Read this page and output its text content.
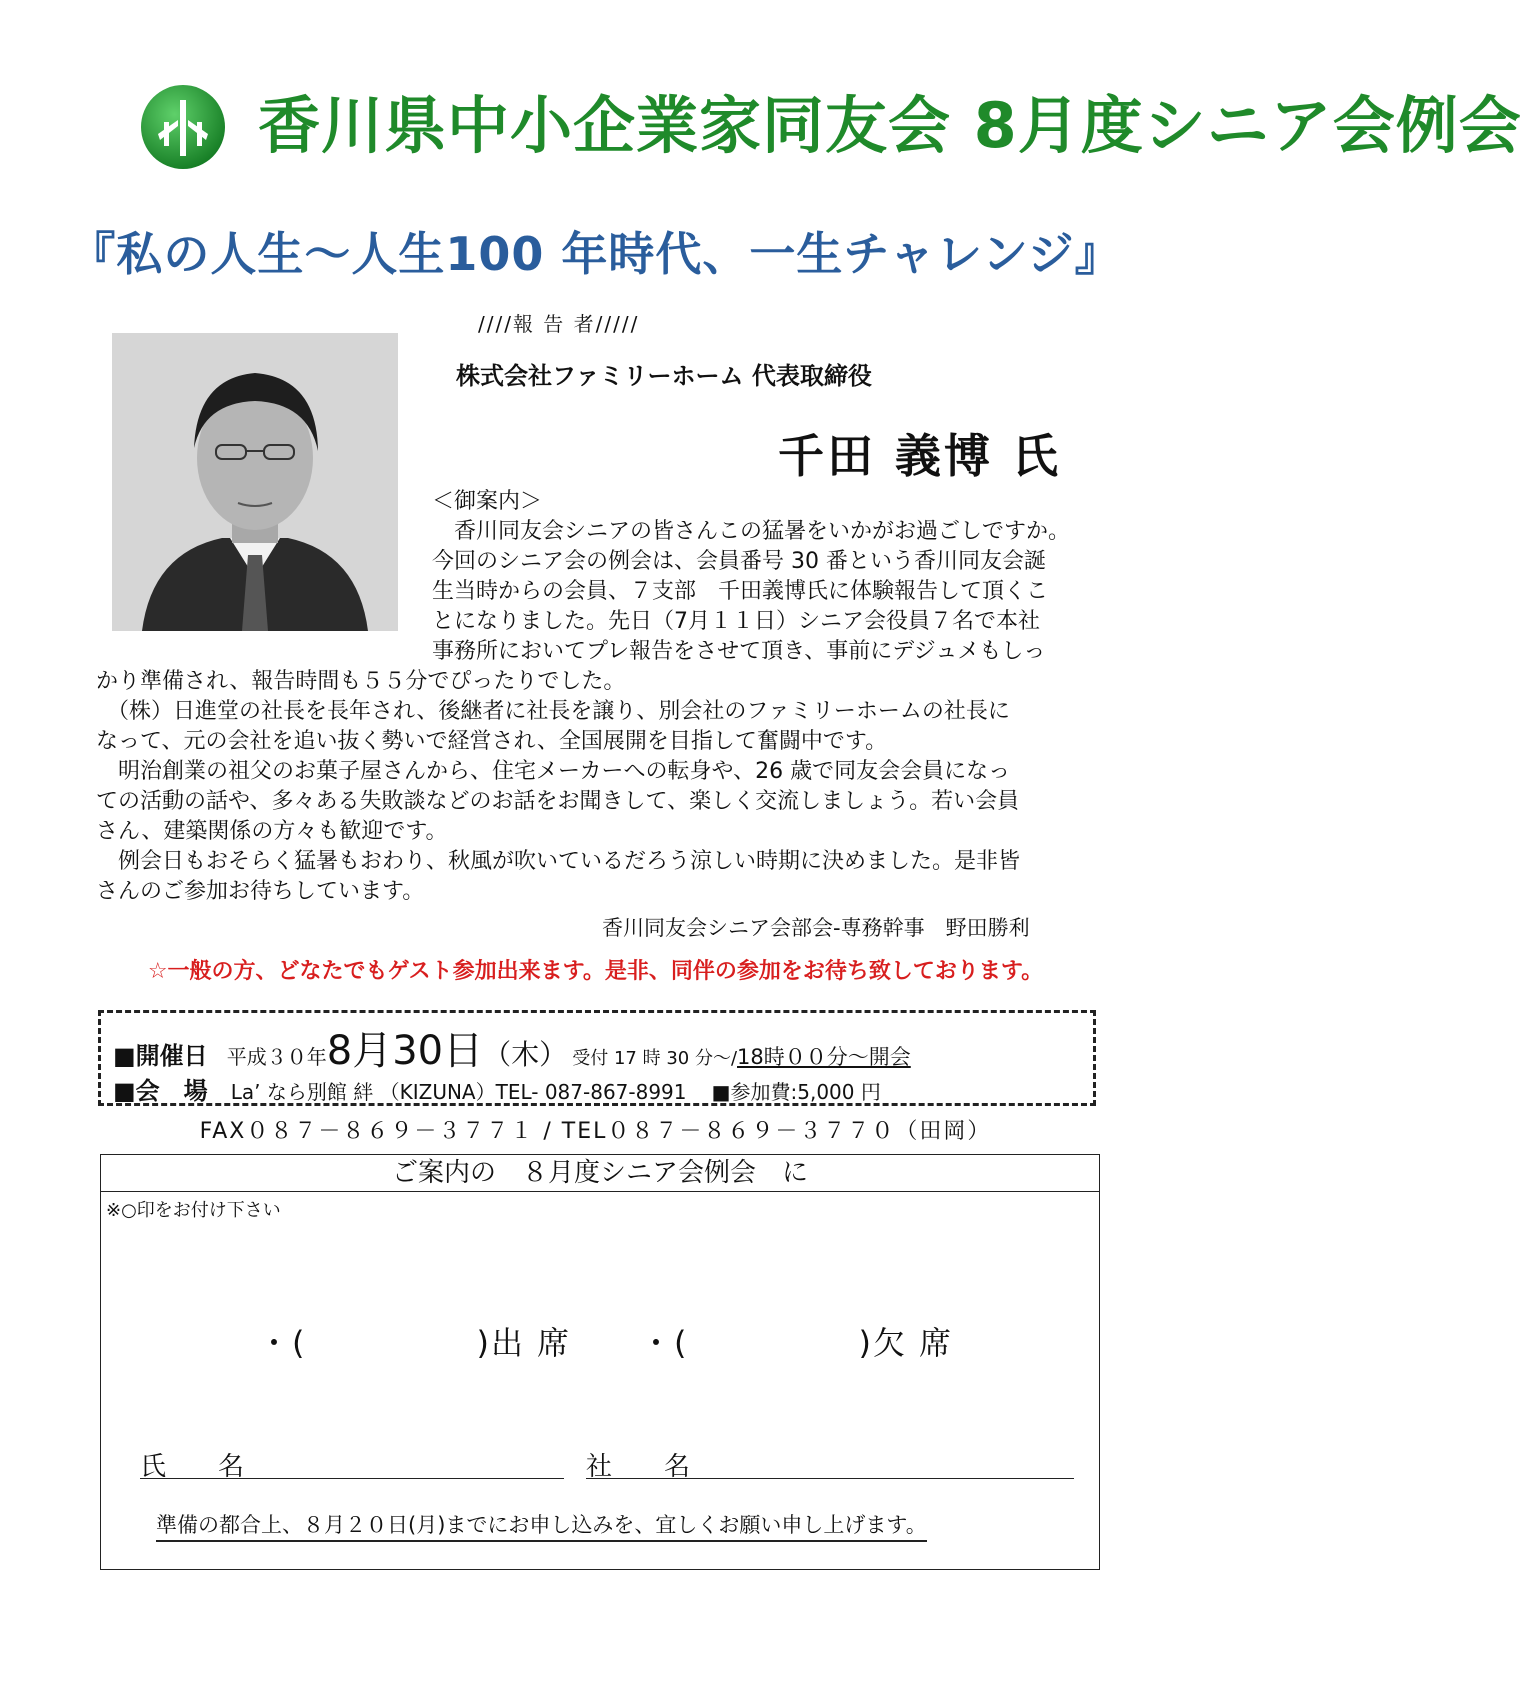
香川県中小企業家同友会 8月度シニア会例会
『私の人生〜人生100 年時代、一生チャレンジ』
////報 告 者/////
株式会社ファミリーホーム 代表取締役
千田 義博 氏
＜御案内＞
　香川同友会シニアの皆さんこの猛暑をいかがお過ごしですか。
今回のシニア会の例会は、会員番号 30 番という香川同友会誕
生当時からの会員、７支部　千田義博氏に体験報告して頂くこ
とになりました。先日（7月１１日）シニア会役員７名で本社
事務所においてプレ報告をさせて頂き、事前にデジュメもしっ
かり準備され、報告時間も５５分でぴったりでした。
　（株）日進堂の社長を長年され、後継者に社長を譲り、別会社のファミリーホームの社長に
なって、元の会社を追い抜く勢いで経営され、全国展開を目指して奮闘中です。
　明治創業の祖父のお菓子屋さんから、住宅メーカーへの転身や、26 歳で同友会会員になっ
ての活動の話や、多々ある失敗談などのお話をお聞きして、楽しく交流しましょう。若い会員
さん、建築関係の方々も歓迎です。
　例会日もおそらく猛暑もおわり、秋風が吹いているだろう涼しい時期に決めました。是非皆
さんのご参加お待ちしています。
香川同友会シニア会部会‐専務幹事　野田勝利
☆一般の方、どなたでもゲスト参加出来ます。是非、同伴の参加をお待ち致しております。
■開催日 平成３０年8月30日（木） 受付 17 時 30 分〜/18時００分〜開会
■会　場 La’ なら別館 絆 （KIZUNA）TEL- 087-867-8991 ■参加費:5,000 円
FAX０８７－８６９－３７７１ / TEL０８７－８６９－３７７０（田岡）
ご案内の　８月度シニア会例会　に
※○印をお付け下さい
・(　　　　　)出 席 ・(　　　　　)欠 席
氏　　名	社　　名
準備の都合上、８月２０日(月)までにお申し込みを、宜しくお願い申し上げます。
